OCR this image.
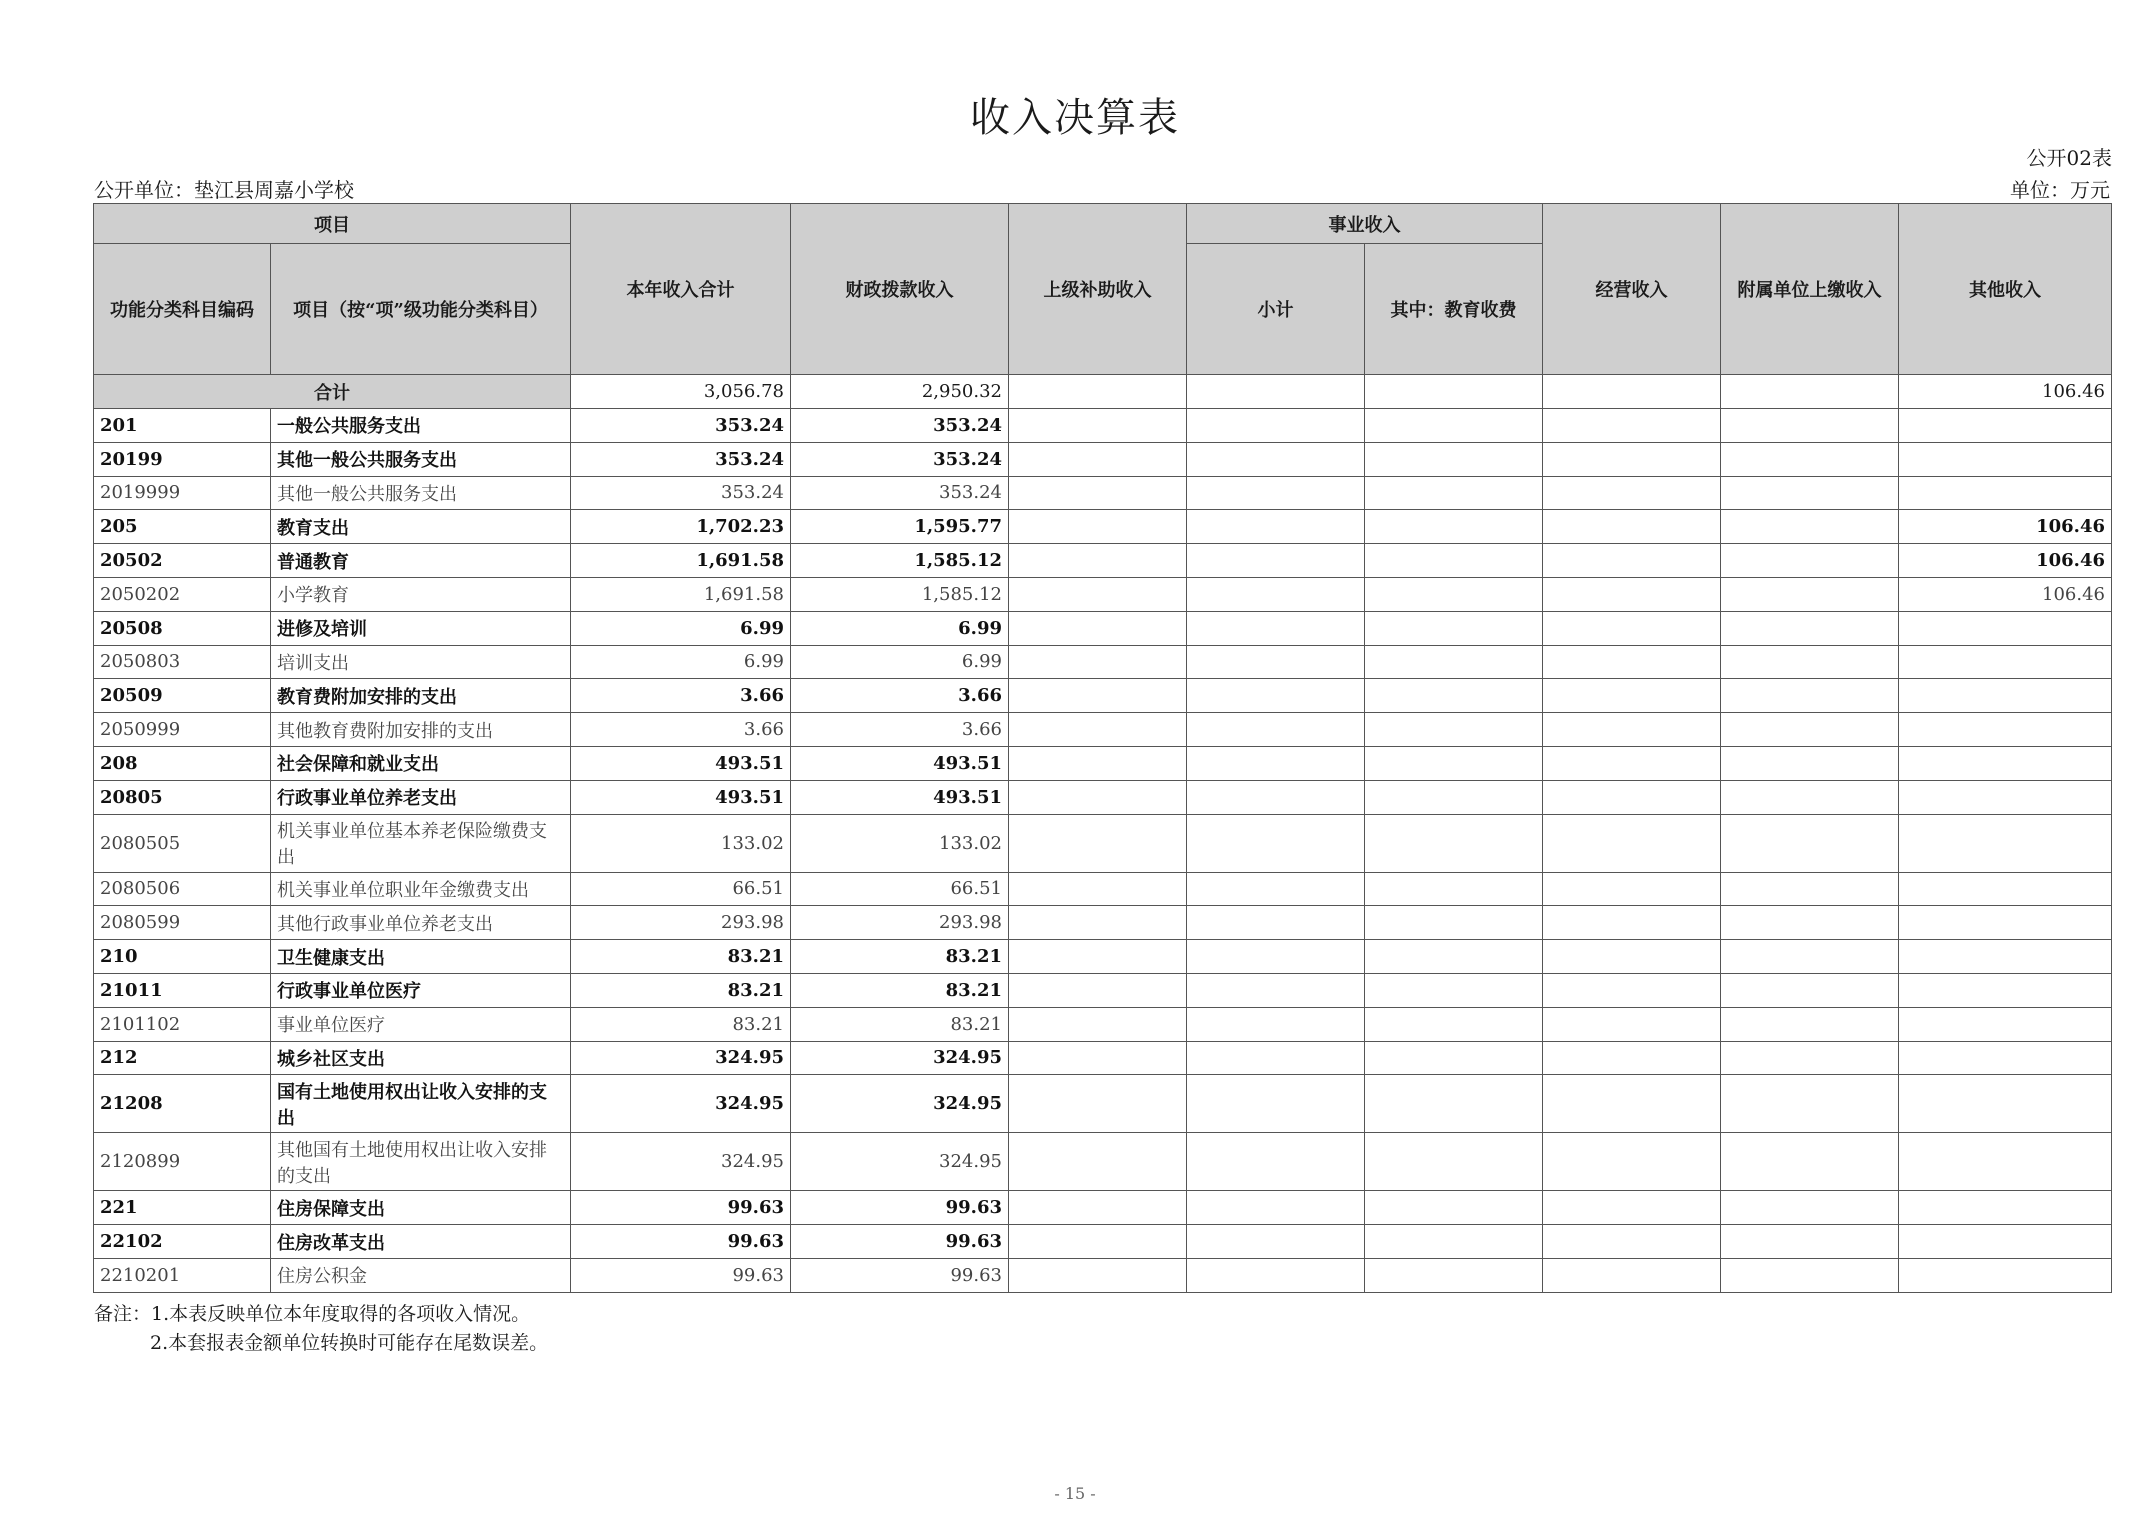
收入决算表
公开02表
公开单位：垫江县周嘉小学校	单位：万元
项目		本年收入合计	财政拨款收入	上级补助收入	事业收入		经营收入	附属单位上缴收入	其他收入
功能分类科目编码	项目（按“项”级功能分类科目）				小计	其中：教育收费			

合计		3,056.78	2,950.32						106.46
201	一般公共服务支出	353.24	353.24						
20199	其他一般公共服务支出	353.24	353.24						
2019999	其他一般公共服务支出	353.24	353.24						
205	教育支出	1,702.23	1,595.77						106.46
20502	普通教育	1,691.58	1,585.12						106.46
2050202	小学教育	1,691.58	1,585.12						106.46
20508	进修及培训	6.99	6.99						
2050803	培训支出	6.99	6.99						
20509	教育费附加安排的支出	3.66	3.66						
2050999	其他教育费附加安排的支出	3.66	3.66						
208	社会保障和就业支出	493.51	493.51						
20805	行政事业单位养老支出	493.51	493.51						
2080505	机关事业单位基本养老保险缴费支出	133.02	133.02						
2080506	机关事业单位职业年金缴费支出	66.51	66.51						
2080599	其他行政事业单位养老支出	293.98	293.98						
210	卫生健康支出	83.21	83.21						
21011	行政事业单位医疗	83.21	83.21						
2101102	事业单位医疗	83.21	83.21						
212	城乡社区支出	324.95	324.95						
21208	国有土地使用权出让收入安排的支出	324.95	324.95						
2120899	其他国有土地使用权出让收入安排的支出	324.95	324.95						
221	住房保障支出	99.63	99.63						
22102	住房改革支出	99.63	99.63						
2210201	住房公积金	99.63	99.63						
备注：1.本表反映单位本年度取得的各项收入情况。
2.本套报表金额单位转换时可能存在尾数误差。
- 15 -
